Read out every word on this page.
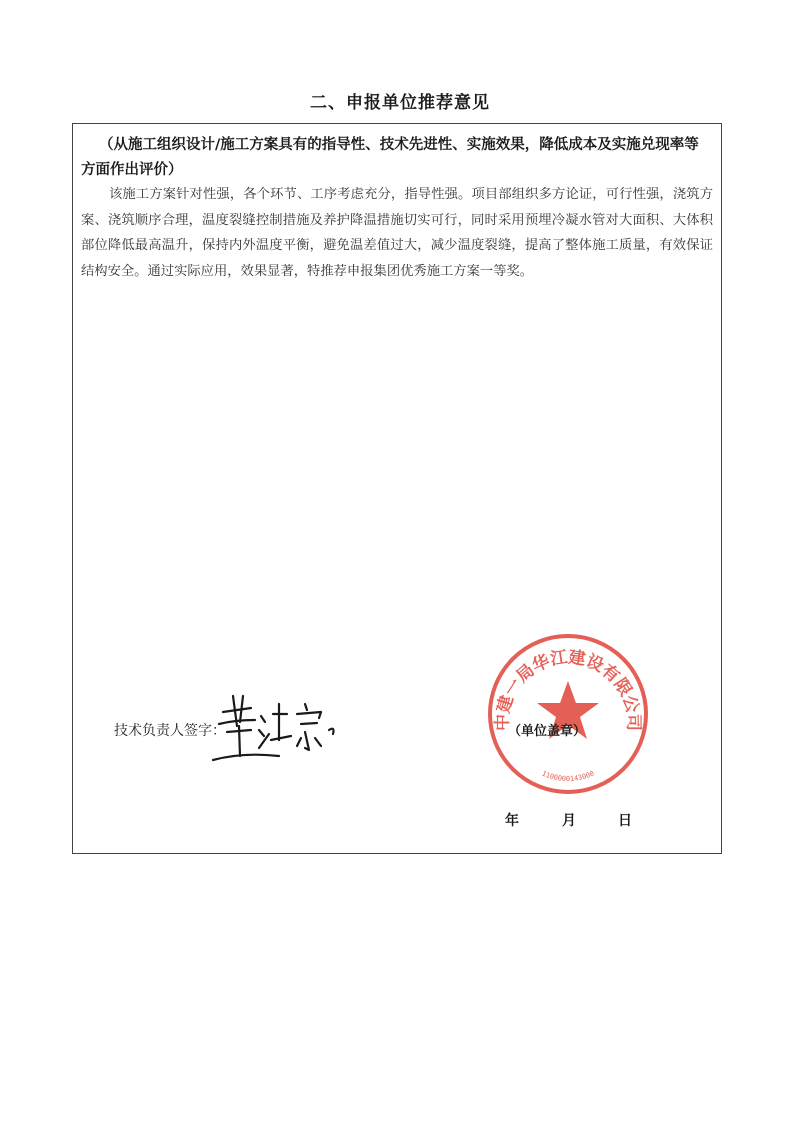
二、申报单位推荐意见
（从施工组织设计/施工方案具有的指导性、技术先进性、实施效果，降低成本及实施兑现率等方面作出评价）
该施工方案针对性强，各个环节、工序考虑充分，指导性强。项目部组织多方论证，可行性强，浇筑方案、浇筑顺序合理，温度裂缝控制措施及养护降温措施切实可行，同时采用预埋冷凝水管对大面积、大体积部位降低最高温升，保持内外温度平衡，避免温差值过大，减少温度裂缝，提高了整体施工质量，有效保证结构安全。通过实际应用，效果显著，特推荐申报集团优秀施工方案一等奖。
技术负责人签字：	中建一局华江建设有限公司
1100000143000
（单位盖章）
年	月	日
